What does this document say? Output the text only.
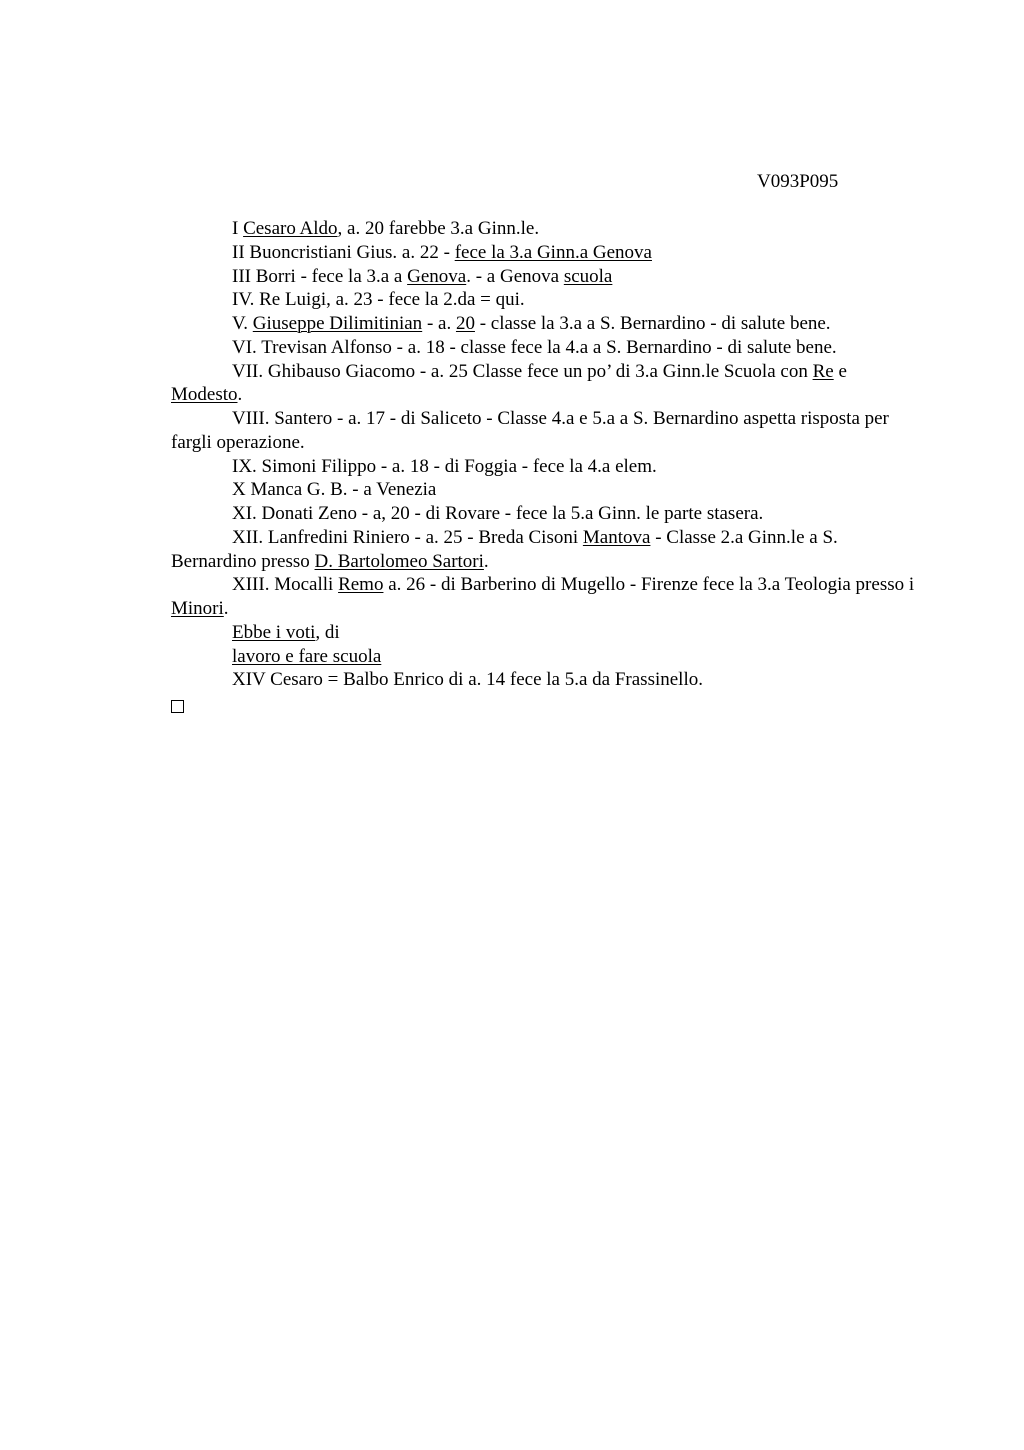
V093P095

I Cesaro Aldo, a. 20 farebbe 3.a Ginn.le.

II Buoncristiani Gius. a. 22 - fece la 3.a Ginn.a Genova

III Borri - fece la 3.a a Genova. - a Genova scuola

IV. Re Luigi, a. 23 - fece la 2.da = qui.

V. Giuseppe Dilimitinian - a. 20 - classe la 3.a a S. Bernardino - di salute bene.

VI. Trevisan Alfonso - a. 18 - classe fece la 4.a a S. Bernardino - di salute bene.

VII. Ghibauso Giacomo - a. 25 Classe fece un po’ di 3.a Ginn.le Scuola con Re e Modesto.

VIII. Santero - a. 17 - di Saliceto - Classe 4.a e 5.a a S. Bernardino aspetta risposta per fargli operazione.

IX. Simoni Filippo - a. 18 - di Foggia - fece la 4.a elem.

X Manca G. B. - a Venezia

XI. Donati Zeno - a, 20 - di Rovare - fece la 5.a Ginn. le parte stasera.

XII. Lanfredini Riniero - a. 25 - Breda Cisoni Mantova - Classe 2.a Ginn.le a S. Bernardino presso D. Bartolomeo Sartori.

XIII. Mocalli Remo a. 26 - di Barberino di Mugello - Firenze fece la 3.a Teologia presso i Minori.

Ebbe i voti, di

lavoro e fare scuola

XIV Cesaro = Balbo Enrico di a. 14 fece la 5.a da Frassinello.
